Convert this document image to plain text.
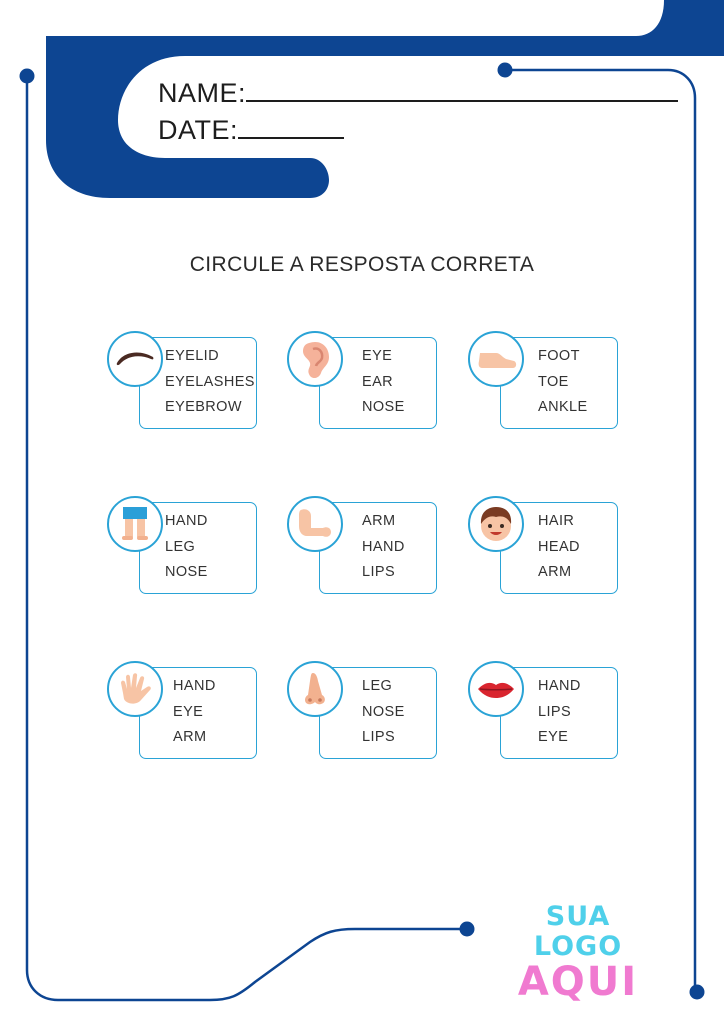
NAME:
DATE:
CIRCULE A RESPOSTA CORRETA
EYELID
EYELASHES
EYEBROW
EYE
EAR
NOSE
FOOT
TOE
ANKLE
HAND
LEG
NOSE
ARM
HAND
LIPS
HAIR
HEAD
ARM
HAND
EYE
ARM
LEG
NOSE
LIPS
HAND
LIPS
EYE
SUA LOGO
AQUI
